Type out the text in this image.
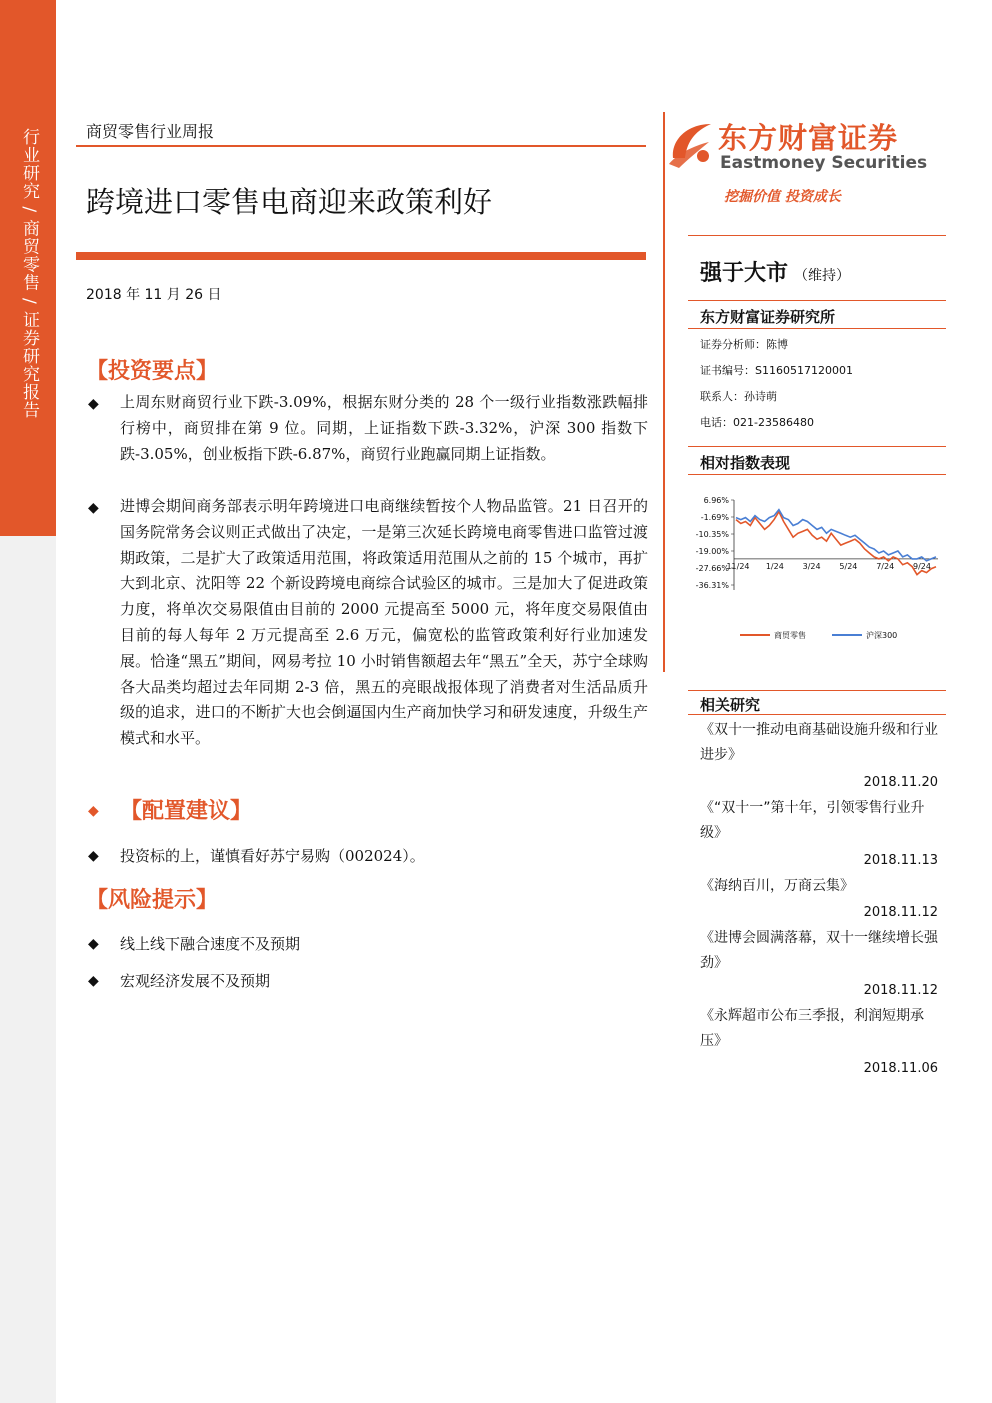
行业研究 / 商贸零售 / 证券研究报告	商贸零售行业周报
跨境进口零售电商迎来政策利好
2018 年 11 月 26 日
【投资要点】
◆ 上周东财商贸行业下跌-3.09%，根据东财分类的 28 个一级行业指数涨跌幅排行榜中，商贸排在第 9 位。同期，上证指数下跌-3.32%，沪深 300 指数下跌-3.05%，创业板指下跌-6.87%，商贸行业跑赢同期上证指数。
◆ 进博会期间商务部表示明年跨境进口电商继续暂按个人物品监管。21 日召开的国务院常务会议则正式做出了决定，一是第三次延长跨境电商零售进口监管过渡期政策，二是扩大了政策适用范围，将政策适用范围从之前的 15 个城市，再扩大到北京、沈阳等 22 个新设跨境电商综合试验区的城市。三是加大了促进政策力度，将单次交易限值由目前的 2000 元提高至 5000 元，将年度交易限值由目前的每人每年 2 万元提高至 2.6 万元，偏宽松的监管政策利好行业加速发展。恰逢“黑五”期间，网易考拉 10 小时销售额超去年“黑五”全天，苏宁全球购各大品类均超过去年同期 2-3 倍，黑五的亮眼战报体现了消费者对生活品质升级的追求，进口的不断扩大也会倒逼国内生产商加快学习和研发速度，升级生产模式和水平。
◆ 【配置建议】
◆ 投资标的上，谨慎看好苏宁易购（002024）。
【风险提示】
◆ 线上线下融合速度不及预期
◆ 宏观经济发展不及预期
东方财富证券
Eastmoney Securities
挖掘价值 投资成长
强于大市 （维持）
东方财富证券研究所
证券分析师：陈博
证书编号：S1160517120001
联系人：孙诗萌
电话：021-23586480
相对指数表现
6.96%
-1.69%
-10.35%
-19.00%
-27.66%
-36.31%
11/24 1/24 3/24 5/24 7/24 9/24
商贸零售	沪深300
相关研究
《双十一推动电商基础设施升级和行业进步》
2018.11.20
《“双十一”第十年，引领零售行业升级》
2018.11.13
《海纳百川，万商云集》
2018.11.12
《进博会圆满落幕，双十一继续增长强劲》
2018.11.12
《永辉超市公布三季报，利润短期承压》
2018.11.06
